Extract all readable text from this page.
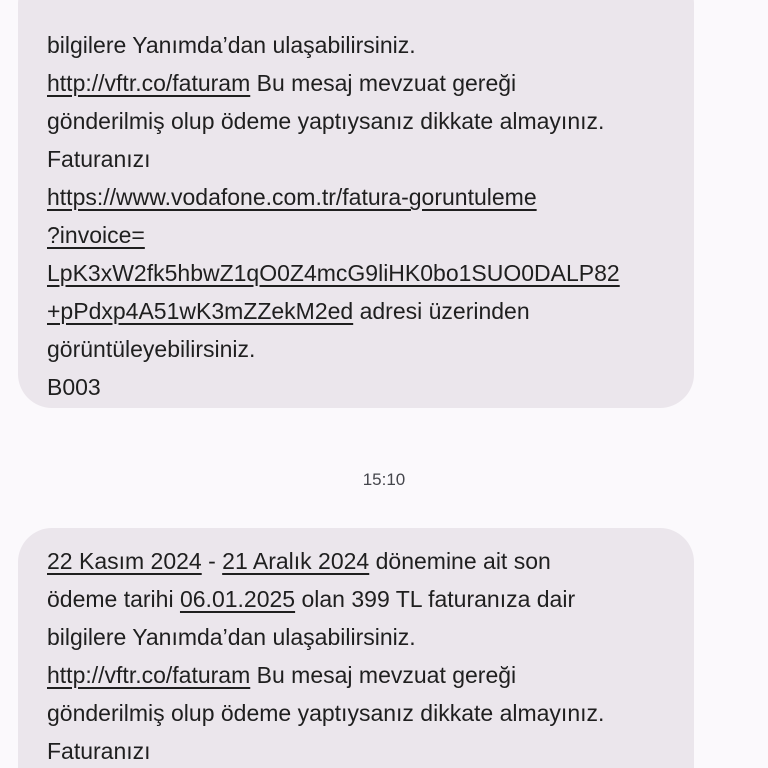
bilgilere Yanımda’dan ulaşabilirsiniz.
http://vftr.co/faturam Bu mesaj mevzuat gereği
gönderilmiş olup ödeme yaptıysanız dikkate almayınız.
Faturanızı
https://www.vodafone.com.tr/fatura-goruntuleme
?invoice=
LpK3xW2fk5hbwZ1qO0Z4mcG9liHK0bo1SUO0DALP82
+pPdxp4A51wK3mZZekM2ed adresi üzerinden
görüntüleyebilirsiniz.
B003
15:10
22 Kasım 2024 - 21 Aralık 2024 dönemine ait son
ödeme tarihi 06.01.2025 olan 399 TL faturanıza dair
bilgilere Yanımda’dan ulaşabilirsiniz.
http://vftr.co/faturam Bu mesaj mevzuat gereği
gönderilmiş olup ödeme yaptıysanız dikkate almayınız.
Faturanızı
